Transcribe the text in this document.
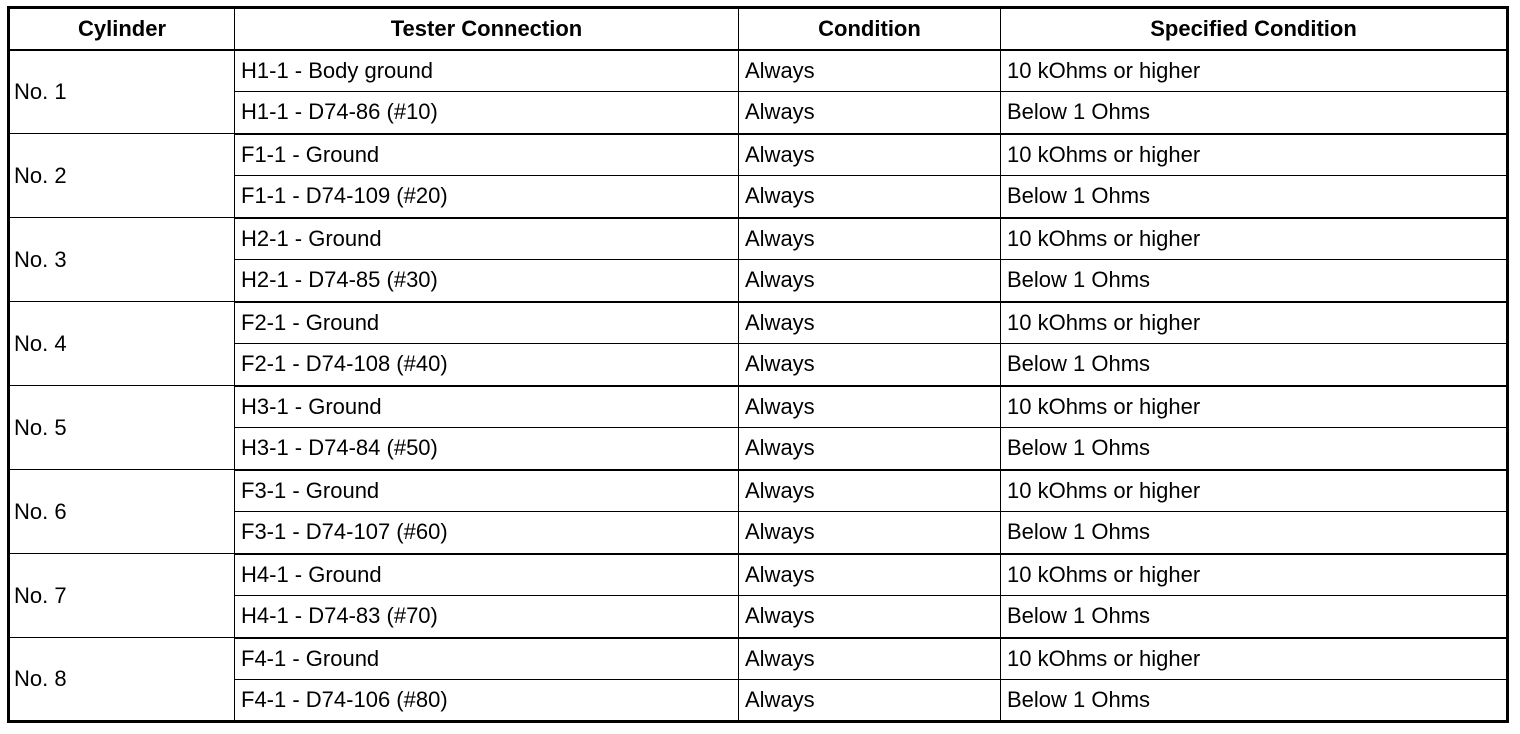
Cylinder	Tester Connection	Condition	Specified Condition
No. 1	H1-1 - Body ground	Always	10 kOhms or higher
	H1-1 - D74-86 (#10)	Always	Below 1 Ohms
No. 2	F1-1 - Ground	Always	10 kOhms or higher
	F1-1 - D74-109 (#20)	Always	Below 1 Ohms
No. 3	H2-1 - Ground	Always	10 kOhms or higher
	H2-1 - D74-85 (#30)	Always	Below 1 Ohms
No. 4	F2-1 - Ground	Always	10 kOhms or higher
	F2-1 - D74-108 (#40)	Always	Below 1 Ohms
No. 5	H3-1 - Ground	Always	10 kOhms or higher
	H3-1 - D74-84 (#50)	Always	Below 1 Ohms
No. 6	F3-1 - Ground	Always	10 kOhms or higher
	F3-1 - D74-107 (#60)	Always	Below 1 Ohms
No. 7	H4-1 - Ground	Always	10 kOhms or higher
	H4-1 - D74-83 (#70)	Always	Below 1 Ohms
No. 8	F4-1 - Ground	Always	10 kOhms or higher
	F4-1 - D74-106 (#80)	Always	Below 1 Ohms
